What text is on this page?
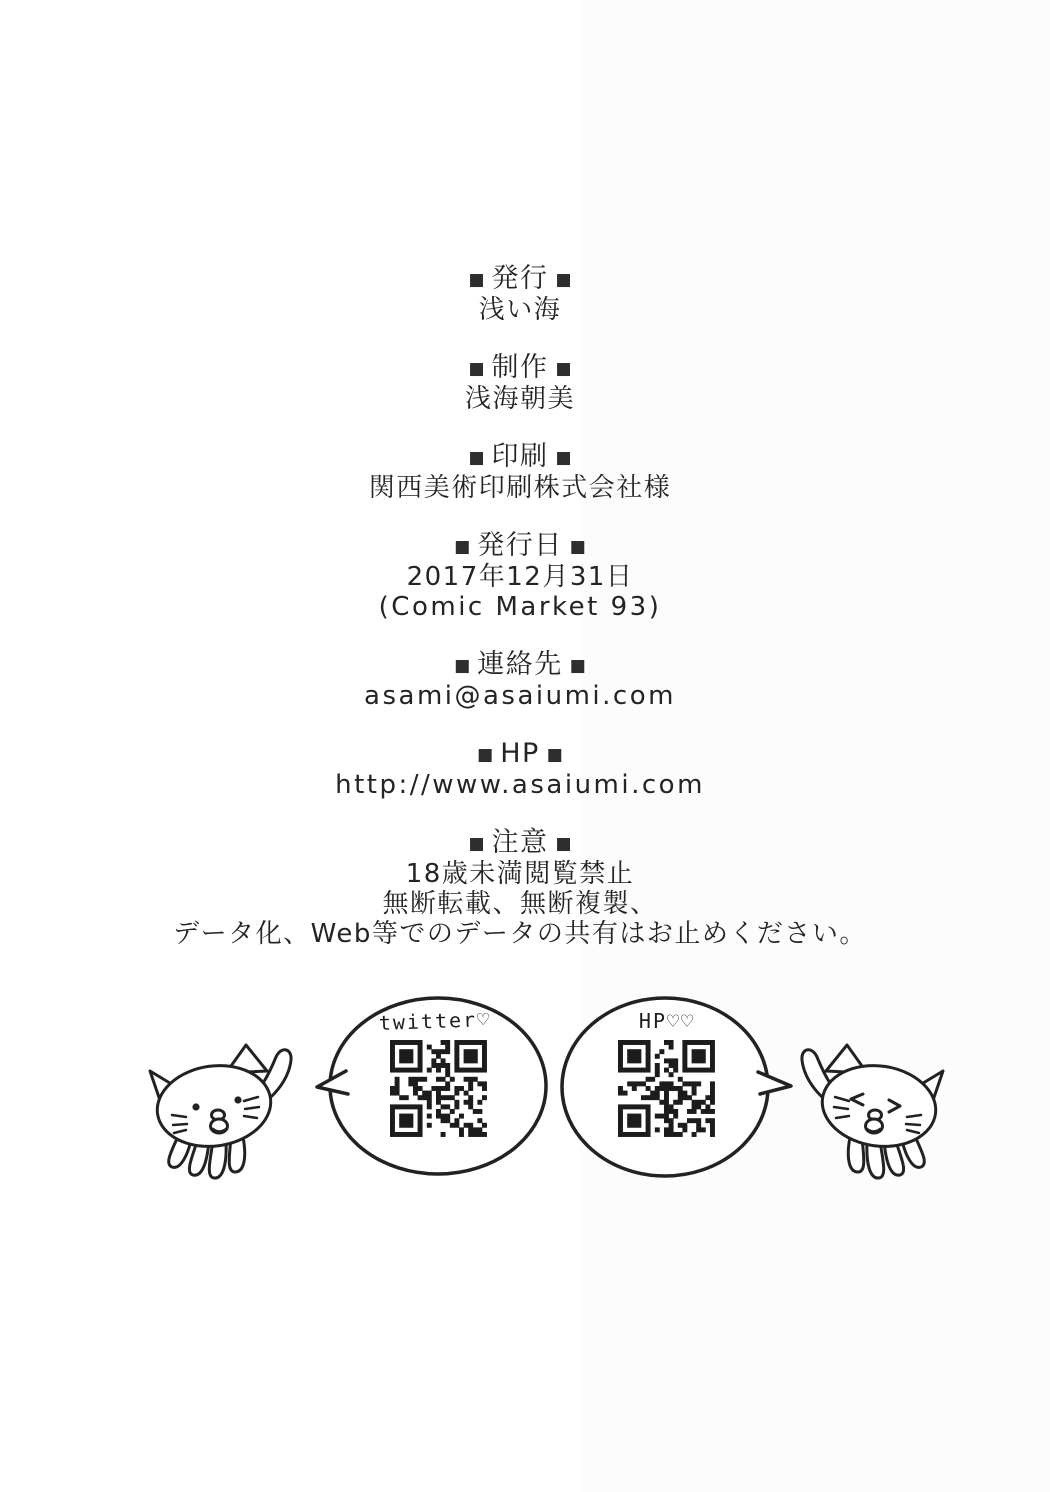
■ 発行 ■
浅い海
■ 制作 ■
浅海朝美
■ 印刷 ■
関西美術印刷株式会社様
■ 発行日 ■
2017年12月31日
(Comic Market 93)
■ 連絡先 ■
asami@asaiumi.com
■ HP ■
http://www.asaiumi.com
■ 注意 ■
18歳未満閲覧禁止
無断転載、無断複製、
データ化、Web等でのデータの共有はお止めください。
twitter♡	HP♡♡
